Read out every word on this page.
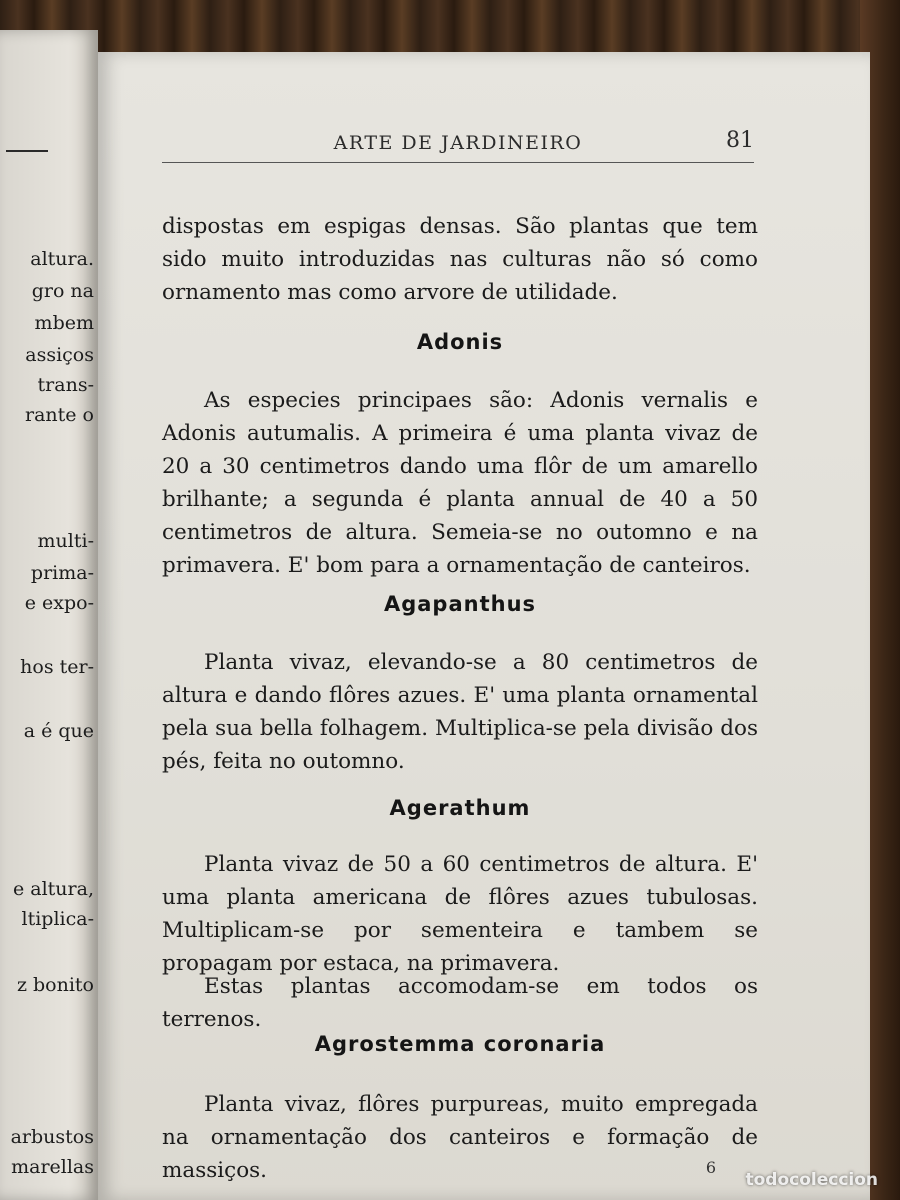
altura.
gro na
mbem
assiços
trans-
rante o
multi-
prima-
e expo-
hos ter-
a é que
e altura,
ltiplica-
z bonito
arbustos
marellas
ARTE DE JARDINEIRO	81

dispostas em espigas densas. São plantas que tem sido muito introduzidas nas culturas não só como ornamento mas como arvore de utilidade.

Adonis

As especies principaes são: Adonis vernalis e Adonis autumalis. A primeira é uma planta vivaz de 20 a 30 centimetros dando uma flôr de um amarello brilhante; a segunda é planta annual de 40 a 50 centimetros de altura. Semeia-se no outomno e na primavera. E' bom para a ornamentação de canteiros.

Agapanthus

Planta vivaz, elevando-se a 80 centimetros de altura e dando flôres azues. E' uma planta ornamental pela sua bella folhagem. Multiplica-se pela divisão dos pés, feita no outomno.

Agerathum

Planta vivaz de 50 a 60 centimetros de altura. E' uma planta americana de flôres azues tubulosas. Multiplicam-se por sementeira e tambem se propagam por estaca, na primavera.

Estas plantas accomodam-se em todos os terrenos.

Agrostemma coronaria

Planta vivaz, flôres purpureas, muito empregada na ornamentação dos canteiros e formação de massiços.	6
todocoleccion
